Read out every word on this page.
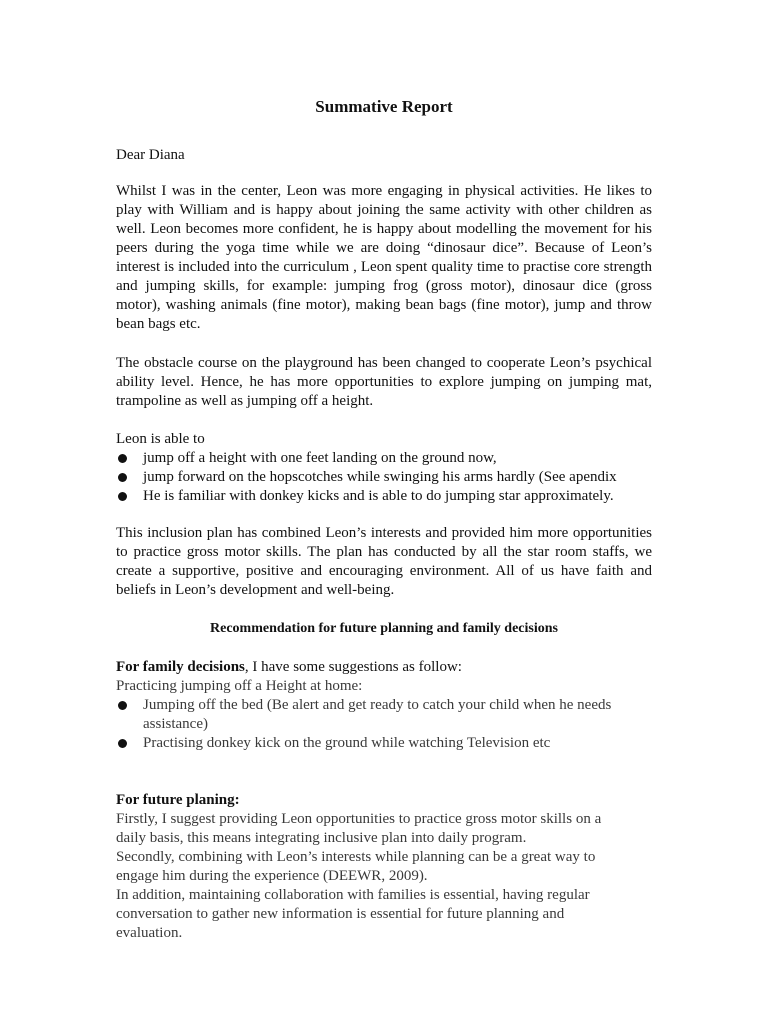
Summative Report
Dear Diana
Whilst I was in the center, Leon was more engaging in physical activities. He likes to play with William and is happy about joining the same activity with other children as well. Leon becomes more confident, he is happy about modelling the movement for his peers during the yoga time while we are doing “dinosaur dice”. Because of Leon’s interest is included into the curriculum , Leon spent quality time to practise core strength and jumping skills, for example: jumping frog (gross motor), dinosaur dice (gross motor), washing animals (fine motor), making bean bags (fine motor), jump and throw bean bags etc.
The obstacle course on the playground has been changed to cooperate Leon’s psychical ability level. Hence, he has more opportunities to explore jumping on jumping mat, trampoline as well as jumping off a height.
Leon is able to
jump off a height with one feet landing on the ground now,
jump forward on the hopscotches while swinging his arms hardly (See apendix
He is familiar with donkey kicks and is able to do jumping star approximately.
This inclusion plan has combined Leon’s interests and provided him more opportunities to practice gross motor skills. The plan has conducted by all the star room staffs, we create a supportive, positive and encouraging environment. All of us have faith and beliefs in Leon’s development and well-being.
Recommendation for future planning and family decisions
For family decisions, I have some suggestions as follow:
Practicing jumping off a Height at home:
Jumping off the bed (Be alert and get ready to catch your child when he needs assistance)
Practising donkey kick on the ground while watching Television etc
For future planing:
Firstly, I suggest providing Leon opportunities to practice gross motor skills on a daily basis, this means integrating inclusive plan into daily program.
Secondly, combining with Leon’s interests while planning can be a great way to engage him during the experience (DEEWR, 2009).
In addition, maintaining collaboration with families is essential, having regular conversation to gather new information is essential for future planning and evaluation.
